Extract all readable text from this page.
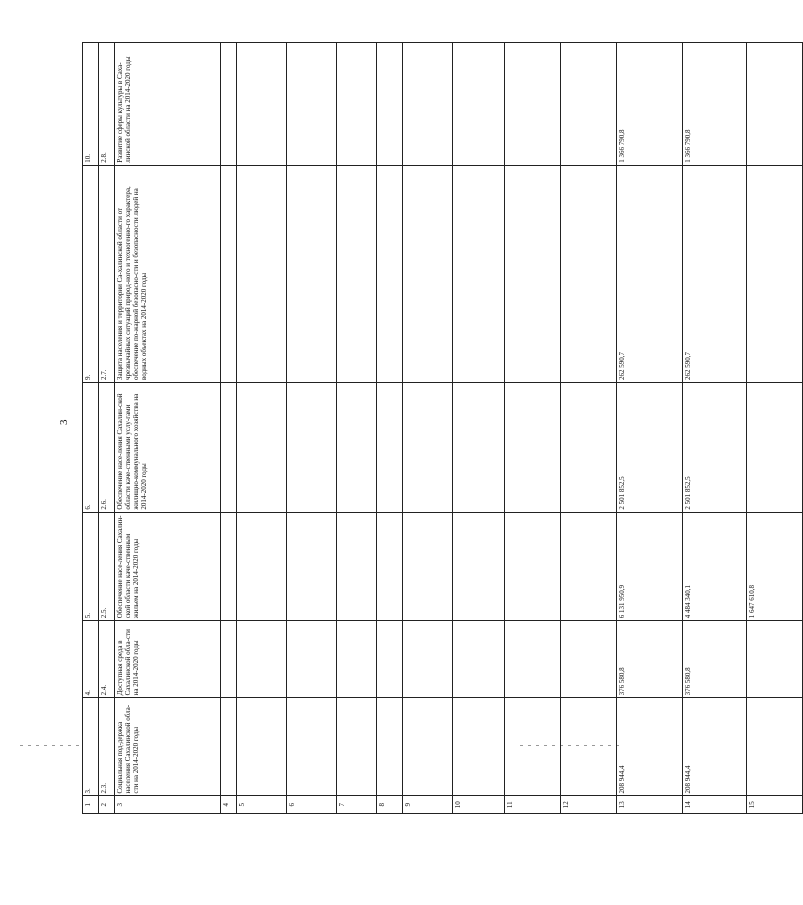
3
1	3.	4.	5.	6.	9.	10.
2	2.3.	2.4.	2.5.	2.6.	2.7.	2.8.
3	Социальная под-держка населения Сахалинской обла-сти на 2014-2020 годы	Доступная среда в Сахалинской обла-сти на 2014-2020 годы	Обеспечение насе-ления Сахалин-ской области каче-ственным жильем на 2014-2020 годы	Обеспечение насе-ления Сахалин-ской области каче-ственными услу-гами жилищно-коммунального хозяйства на 2014-2020 годы	Защита населения и территории Са-халинской области от чрезвычайных ситуаций природ-ного и техногенно-го характера, обеспечение по-жарной безопасно-сти и безопасности людей на водных объектах на 2014-2020 годы	Развитие сферы культуры в Саха-линской области на 2014-2020 годы
4						
5						
6						
7						
8						
9						
10						
11						
12						
13	208 944,4	376 580,8	6 131 950,9	2 501 852,5	262 590,7	1 366 790,8
14	208 944,4	376 580,8	4 484 340,1	2 501 852,5	262 590,7	1 366 790,8
15			1 647 610,8			
